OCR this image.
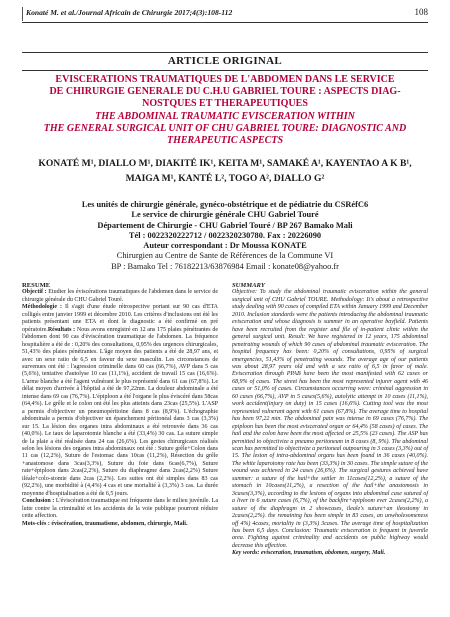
Konaté M. et al./Journal Africain de Chirurgie 2017;4(3):108-112	108
ARTICLE ORIGINAL
EVISCERATIONS TRAUMATIQUES DE L'ABDOMEN DANS LE SERVICE
DE CHIRURGIE GENERALE DU C.H.U GABRIEL TOURE : ASPECTS DIAG-
NOSTQUES ET THERAPEUTIQUES
THE ABDOMINAL TRAUMATIC EVISCERATION WITHIN
THE GENERAL SURGICAL UNIT OF CHU GABRIEL TOURE: DIAGNOSTIC AND
THERAPEUTIC ASPECTS
KONATÉ M¹, DIALLO M¹, DIAKITÉ IK¹, KEITA M¹, SAMAKÉ A¹, KAYENTAO A K B¹,
MAIGA M¹, KANTÉ L², TOGO A², DIALLO G²
Les unités de chirurgie générale, gynéco-obstétrique et de pédiatrie du CSRéfC6
Le service de chirurgie générale CHU Gabriel Touré
Département de Chirurgie - CHU Gabriel Touré / BP 267 Bamako Mali
Tél : 0022320222712 / 0022320230780. Fax : 20226090
Auteur correspondant : Dr Moussa KONATE
Chirurgien au Centre de Sante de Références de la Commune VI
BP : Bamako Tel : 76182213/63876984 Email : konate08@yahoo.fr
RESUME

Objectif : Etudier les éviscérations traumatiques de l'abdomen dans le service de chirurgie générale du CHU Gabriel Touré.

Méthodologie : Il s'agit d'une étude rétrospective portant sur 90 cas d'ETA colligés entre janvier 1999 et décembre 2010. Les critères d'inclusions ont été les patients présentant une ETA et dont le diagnostic a été confirmé en pré opératoire.Résultats : Nous avons enregistré en 12 ans 175 plaies pénétrantes de l'abdomen dont 90 cas d'éviscération traumatique de l'abdomen. La fréquence hospitalière a été de : 0,20% des consultations, 0,95% des urgences chirurgicales, 51,43% des plaies pénétrantes. L'âge moyen des patients a été de 28,97 ans, et avec un sexe ratio de 6,5 en faveur du sexe masculin. Les circonstances de survenues ont été : l'agression criminelle dans 60 cas (66,7%), AVP dans 5 cas (5,6%), tentative d'autolyse 10 cas (11,1%), accident de travail 15 cas (16,6%). L'arme blanche a été l'agent vulnérant le plus représenté dans 61 cas (67,8%). Le délai moyen d'arrivée à l'hôpital a été de 97,22mn. La douleur abdominale a été intense dans 69 cas (76,7%). L'épiploon a été l'organe le plus éviscéré dans 58cas (64,4%). Le grêle et le colon ont été les plus atteints dans 23cas (25,5%). L'ASP a permis d'objectiver un pneumopéritoine dans 8 cas (8,9%). L'échographie abdominale a permis d'objectiver un épanchement péritonéal dans 3 cas (3,3%) sur 15. La lésion des organes intra abdominaux a été retrouvée dans 36 cas (40,0%). Le taux de laparotomie blanche a été (33,4%) 30 cas. La suture simple de la plaie a été réalisée dans 24 cas (26,6%). Les gestes chirurgicaux réalisés selon les lésions des organes intra abdominaux ont été : Suture grêle+Colon dans 11 cas (12,2%), Suture de l'estomac dans 10cas (11,2%), Résection du grêle +anastomose dans 3cas(3,3%), Suture du foie dans 6cas(6,7%), Suture rate+épiploon dans 2cas(2,2%), Suture du diaphragme dans 2cas(2,2%) Suture iléale+colo-stomie dans 2cas (2,2%). Les suites ont été simples dans 83 cas (92,2%), une morbidité à (4,4%) 4 cas et une mortalité à (3,3%) 3 cas. La durée moyenne d'hospitalisation a été de 6,5 jours.

Conclusion : L'éviscération traumatique est fréquente dans le milieu juvénile. La lutte contre la criminalité et les accidents de la voie publique pourront réduire cette affection.

Mots-clés : éviscération, traumatisme, abdomen, chirurgie, Mali.

SUMMARY

Objective: To study the abdominal traumatic evisceration within the general surgical unit of CHU Gabriel TOURE. Methodology: It's about a retrospective study dealing with 90 cases of compiled ETA within January 1999 and December 2010. Inclusion standards were the patients introducing the abdominal traumatic evisceration and whose diagnosis is summer in an operative bayfield. Patients have been recruited from the register and file of in-patient clinic within the general surgical unit. Result: We have registered in 12 years, 175 abdominal penetrating wounds of which 90 cases of abdominal traumatic evisceration. The hospital frequency has been: 0,20% of consultations, 0,95% of surgical emergencies, 51,43% of penetrating wounds. The average age of our patients was about 28,97 years old and with a sex ratio of 6,5 in favor of male. Evisceration through PPAB have been the most manifested with 62 cases or 68,9% of cases. The street has been the most represented injurer agent with 46 cases or 51,0% of cases. Circumstances occurring were: criminal aggression in 60 cases (66,7%), AVP in 5 cases(5,6%), autolytic attempt in 10 cases (11,1%), work accident(injury on duty) in 15 cases (16,6%). Cutting tool was the most represented vulnerant agent with 61 cases (67,8%). The average time to hospital has been 97,22 min. The abdominal pain was intense in 69 cases (76,7%). The epiploon has been the most eviscerated organ or 64,4% (58 cases) of cases. The hail and the colon have been the most affected or 25,5% (23 cases). The ASP has permitted to objectivize a pneumo peritoneum in 8 cases (8, 9%). The abdominal scan has permitted to objectivize a peritoneal outpouring in 3 cases (3,3%) out of 15. The lesion of intra-abdominal organs has been found in 36 cases (40,0%). The white laparotomy rate has been (33,3%) in 30 cases. The simple suture of the wound was achieved in 24 cases (26,6%). The surgical gestures achieved have summer: a suture of the hail+the settler in 11cases(12,2%), a suture of the stomach in 10cases(11,2%), a resection of the hail+the anastomosis in 3cases(3,3%), according to the lesions of organs into abdominal case sutured of a liver in 6 suture cases (6,7%), of the backfire+epiploom ever 2cases(2,2%), a suture of the diaphragm in 2 showcases, ileale's suture+an ileostomy in 2cases(2,2%). the remaining has been simple in 83 cases, an unwholesomeness off 4%) 4cases, mortality in (3,3%) 3cases. The average time of hospitalization has been 6,5 days. Conclusion: Traumatic evisceration is frequent in juvenile area. Fighting against criminality and accidents on public highway would decrease this affection.

Key words: evisceration, traumatism, abdomen, surgery, Mali.
